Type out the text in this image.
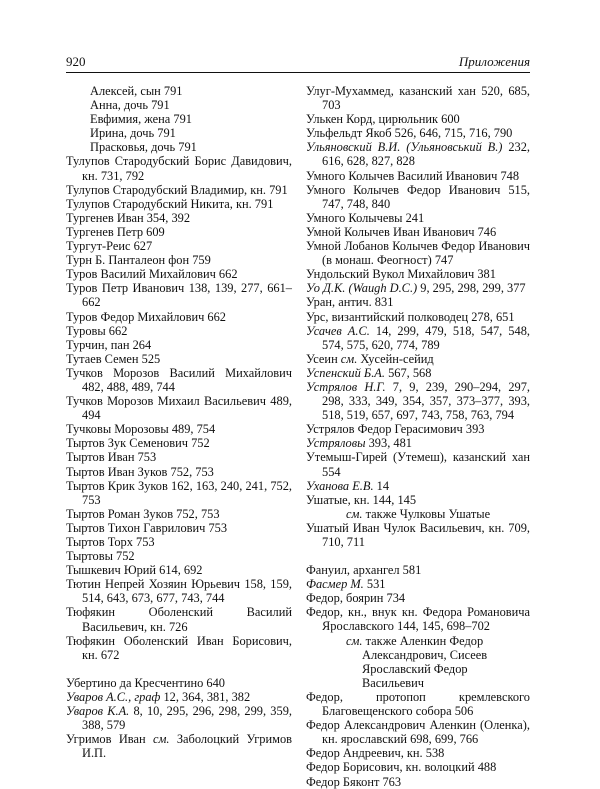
920	Приложения
Алексей, сын 791
Анна, дочь 791
Евфимия, жена 791
Ирина, дочь 791
Прасковья, дочь 791
Тулупов Стародубский Борис Давидович, кн. 731, 792
Тулупов Стародубский Владимир, кн. 791
Тулупов Стародубский Никита, кн. 791
Тургенев Иван 354, 392
Тургенев Петр 609
Тургут-Реис 627
Турн Б. Панталеон фон 759
Туров Василий Михайлович 662
Туров Петр Иванович 138, 139, 277, 661–662
Туров Федор Михайлович 662
Туровы 662
Турчин, пан 264
Тутаев Семен 525
Тучков Морозов Василий Михайлович 482, 488, 489, 744
Тучков Морозов Михаил Васильевич 489, 494
Тучковы Морозовы 489, 754
Тыртов Зук Семенович 752
Тыртов Иван 753
Тыртов Иван Зуков 752, 753
Тыртов Крик Зуков 162, 163, 240, 241, 752, 753
Тыртов Роман Зуков 752, 753
Тыртов Тихон Гаврилович 753
Тыртов Торх 753
Тыртовы 752
Тышкевич Юрий 614, 692
Тютин Непрей Хозяин Юрьевич 158, 159, 514, 643, 673, 677, 743, 744
Тюфякин Оболенский Василий Васильевич, кн. 726
Тюфякин Оболенский Иван Борисович, кн. 672
Убертино да Кресчентино 640
Уваров А.С., граф 12, 364, 381, 382
Уваров К.А. 8, 10, 295, 296, 298, 299, 359, 388, 579
Угримов Иван см. Заболоцкий Угримов И.П.
Улуг-Мухаммед, казанский хан 520, 685, 703
Улькен Корд, цирюльник 600
Ульфельдт Якоб 526, 646, 715, 716, 790
Ульяновский В.И. (Ульяновський В.) 232, 616, 628, 827, 828
Умного Колычев Василий Иванович 748
Умного Колычев Федор Иванович 515, 747, 748, 840
Умного Колычевы 241
Умной Колычев Иван Иванович 746
Умной Лобанов Колычев Федор Иванович (в монаш. Феогност) 747
Ундольский Вукол Михайлович 381
Уо Д.К. (Waugh D.C.) 9, 295, 298, 299, 377
Уран, антич. 831
Урс, византийский полководец 278, 651
Усачев А.С. 14, 299, 479, 518, 547, 548, 574, 575, 620, 774, 789
Усеин см. Хусейн-сейид
Успенский Б.А. 567, 568
Устрялов Н.Г. 7, 9, 239, 290–294, 297, 298, 333, 349, 354, 357, 373–377, 393, 518, 519, 657, 697, 743, 758, 763, 794
Устрялов Федор Герасимович 393
Устряловы 393, 481
Утемыш-Гирей (Утемеш), казанский хан 554
Уханова Е.В. 14
Ушатые, кн. 144, 145
см. также Чулковы Ушатые
Ушатый Иван Чулок Васильевич, кн. 709, 710, 711
Фануил, архангел 581
Фасмер М. 531
Федор, боярин 734
Федор, кн., внук кн. Федора Романовича Ярославского 144, 145, 698–702
см. также Аленкин Федор Александрович, Сисеев Ярославский Федор Васильевич
Федор, протопоп кремлевского Благовещенского собора 506
Федор Александрович Аленкин (Оленка), кн. ярославский 698, 699, 766
Федор Андреевич, кн. 538
Федор Борисович, кн. волоцкий 488
Федор Бяконт 763
